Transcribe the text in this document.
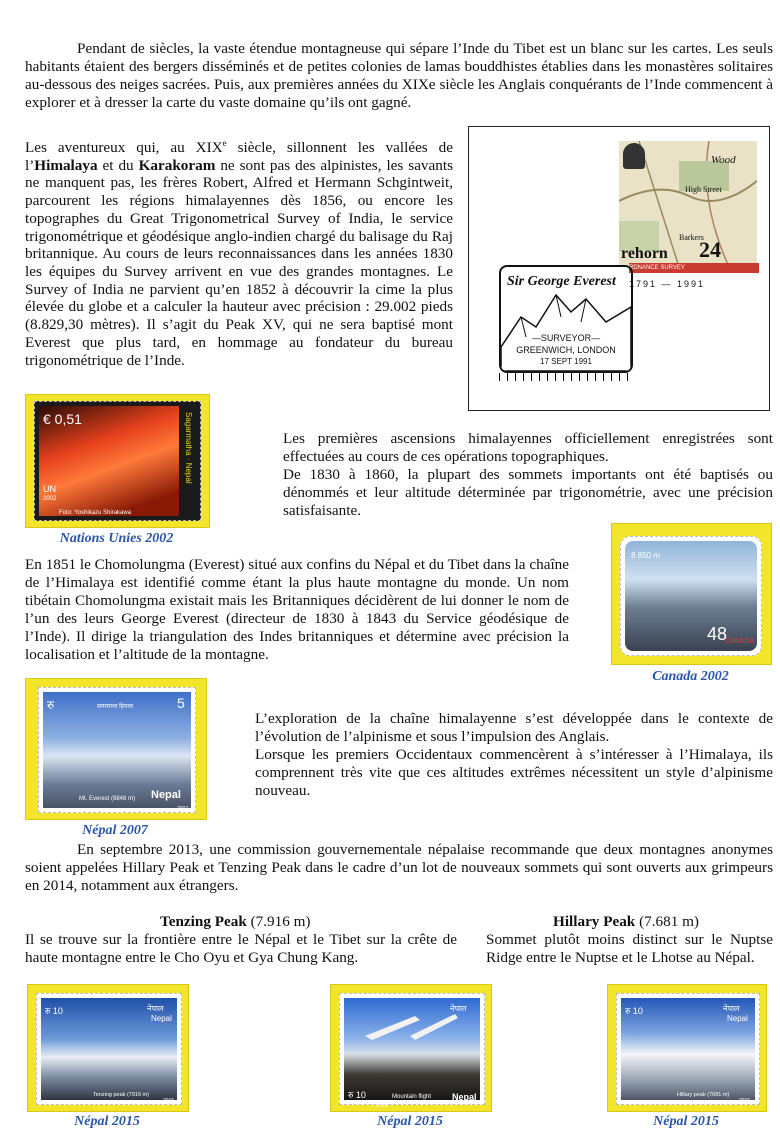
Pendant de siècles, la vaste étendue montagneuse qui sépare l’Inde du Tibet est un blanc sur les cartes. Les seuls habitants étaient des bergers disséminés et de petites colonies de lamas bouddhistes établies dans les monastères solitaires au-dessous des neiges sacrées. Puis, aux premières années du XIXe siècle les Anglais conquérants de l’Inde commencent à explorer et à dresser la carte du vaste domaine qu’ils ont gagné.
Les aventureux qui, au XIXe siècle, sillonnent les vallées de l’Himalaya et du Karakoram ne sont pas des alpinistes, les savants ne manquent pas, les frères Robert, Alfred et Hermann Schgintweit, parcourent les régions himalayennes dès 1856, ou encore les topographes du Great Trigonometrical Survey of India, le service trigonométrique et géodésique anglo-indien chargé du balisage du Raj britannique. Au cours de leurs reconnaissances dans les années 1830 les équipes du Survey arrivent en vue des grandes montagnes. Le Survey of India ne parvient qu’en 1852 à découvrir la cime la plus élevée du globe et a calculer la hauteur avec précision : 29.002 pieds (8.829,30 mètres). Il s’agit du Peak XV, qui ne sera baptisé mont Everest que plus tard, en hommage au fondateur du bureau trigonométrique de l’Inde.
Wood
High Street
Barkers
rehorn 24
RDNANCE SURVEY
1791 — 1991
Sir George Everest
—SURVEYOR—
GREENWICH, LONDON
17 SEPT 1991
€ 0,51
UN
2002
Foto: Yoshikazu Shirakawa
Sagarmatha · Nepal
Nations Unies 2002
Les premières ascensions himalayennes officiellement enregistrées sont effectuées au cours de ces opérations topographiques.
De 1830 à 1860, la plupart des sommets importants ont été baptisés ou dénommés et leur altitude déterminée par trigonométrie, avec une précision satisfaisante.
En 1851 le Chomolungma (Everest) situé aux confins du Népal et du Tibet dans la chaîne de l’Himalaya est identifié comme étant la plus haute montagne du monde. Un nom tibétain Chomolungma existait mais les Britanniques décidèrent de lui donner le nom de l’un des leurs George Everest (directeur de 1830 à 1843 du Service géodésique de l’Inde). Il dirige la triangulation des Indes britanniques et détermine avec précision la localisation et l’altitude de la montagne.
8 850 m
48
CANADA
Canada 2002
रु	5
सगरमाथा हिमाल
Mt. Everest (8848 m) Nepal
2007
Népal 2007
L’exploration de la chaîne himalayenne s’est développée dans le contexte de l’évolution de l’alpinisme et sous l’impulsion des Anglais.
Lorsque les premiers Occidentaux commencèrent à s’intéresser à l’Himalaya, ils comprennent très vite que ces altitudes extrêmes nécessitent un style d’alpinisme nouveau.
En septembre 2013, une commission gouvernementale népalaise recommande que deux montagnes anonymes soient appelées Hillary Peak et Tenzing Peak dans le cadre d’un lot de nouveaux sommets qui sont ouverts aux grimpeurs en 2014, notamment aux étrangers.
Tenzing Peak (7.916 m)
Il se trouve sur la frontière entre le Népal et le Tibet sur la crête de haute montagne entre le Cho Oyu et Gya Chung Kang.
Hillary Peak (7.681 m)
Sommet plutôt moins distinct sur le Nuptse Ridge entre le Nuptse et le Lhotse au Népal.
रु 10	नेपाल
Nepal
Tenzing peak (7916 m)
2015
Népal 2015
रु 10
नेपाल
Nepal
Mountain flight
2015
Népal 2015
रु 10	नेपाल
Nepal
Hillary peak (7681 m)
2015
Népal 2015
